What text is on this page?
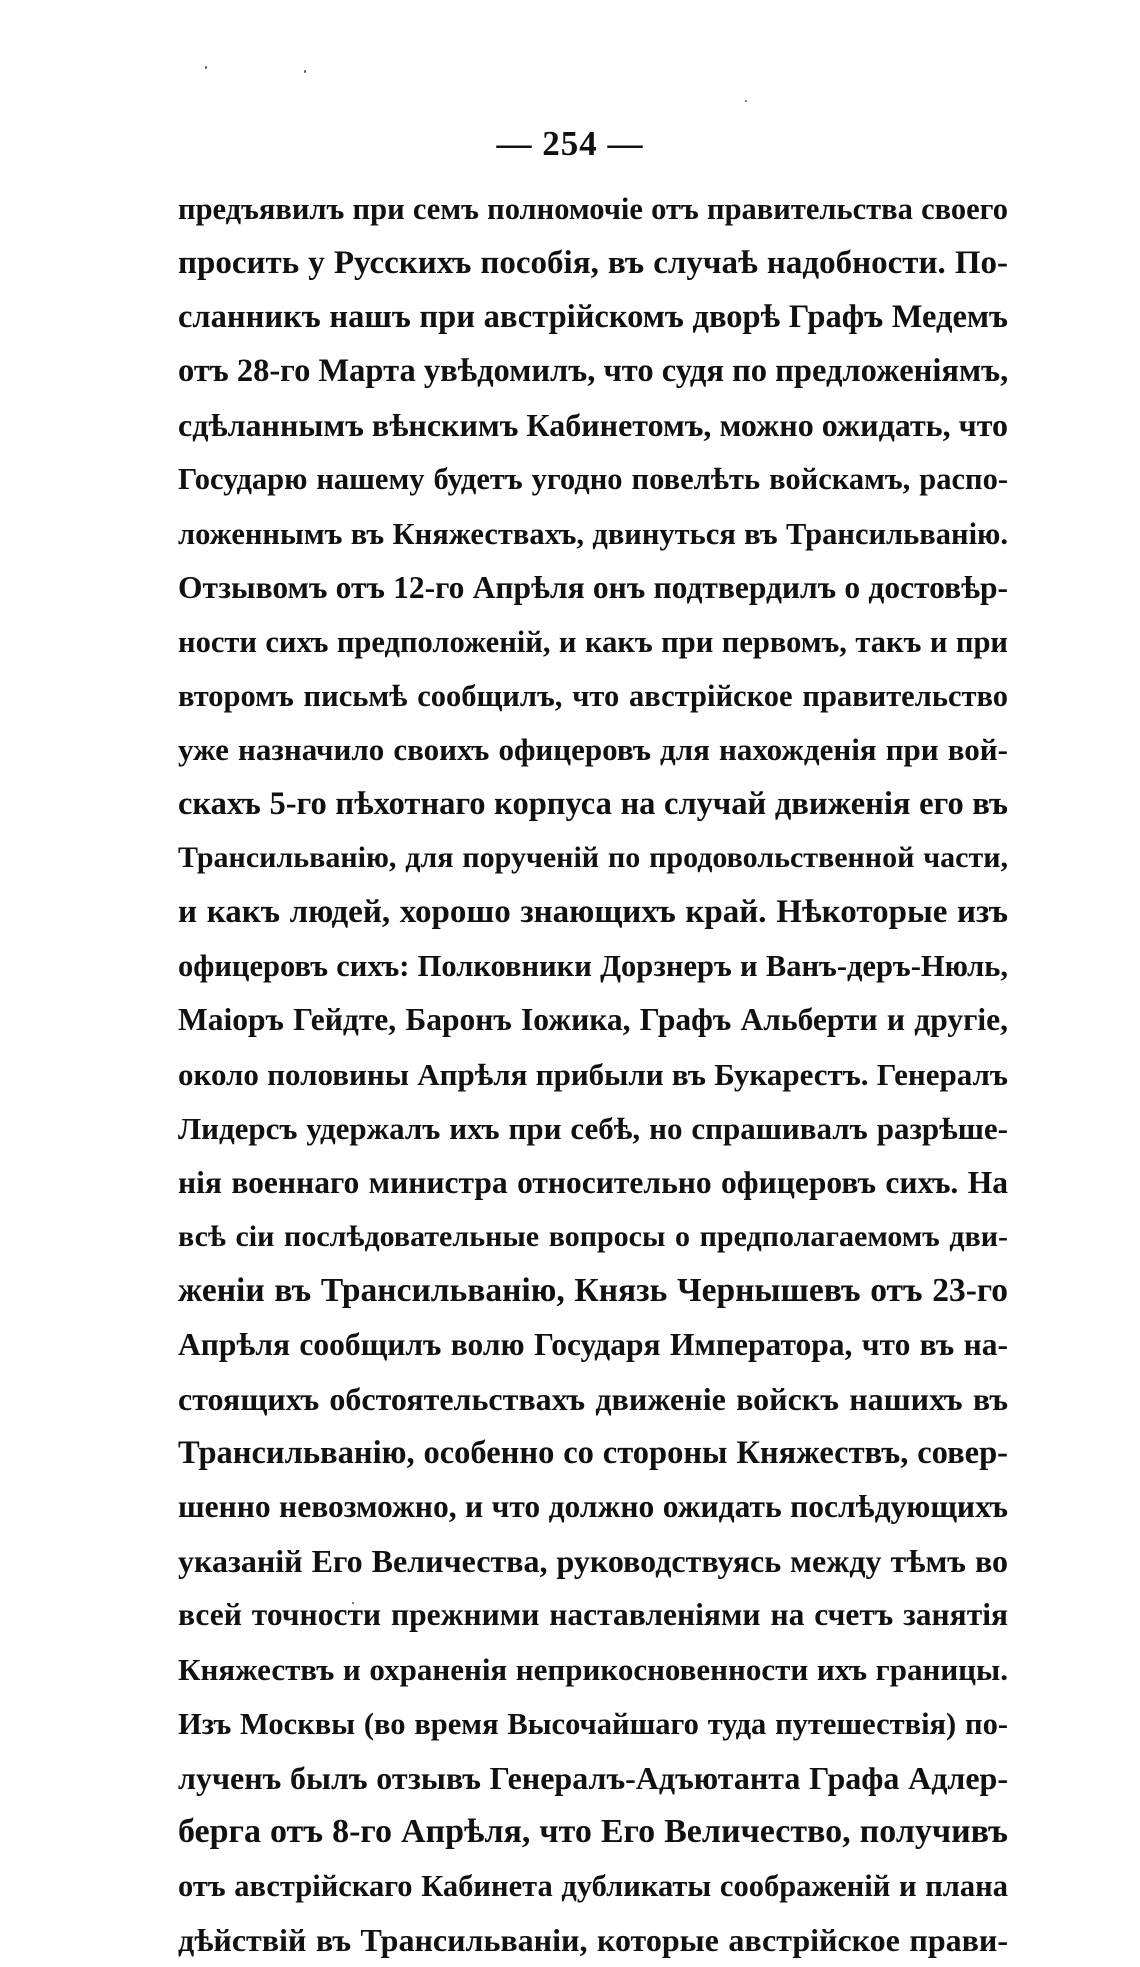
— 254 —
предъявилъ при семъ полномочіе отъ правительства своего
просить у Русскихъ пособія, въ случаѣ надобности. По-
сланникъ нашъ при австрійскомъ дворѣ Графъ Медемъ
отъ 28-го Марта увѣдомилъ, что судя по предложеніямъ,
сдѣланнымъ вѣнскимъ Кабинетомъ, можно ожидать, что
Государю нашему будетъ угодно повелѣть войскамъ, распо-
ложеннымъ въ Княжествахъ, двинуться въ Трансильванію.
Отзывомъ отъ 12-го Апрѣля онъ подтвердилъ о достовѣр-
ности сихъ предположеній, и какъ при первомъ, такъ и при
второмъ письмѣ сообщилъ, что австрійское правительство
уже назначило своихъ офицеровъ для нахожденія при вой-
скахъ 5-го пѣхотнаго корпуса на случай движенія его въ
Трансильванію, для порученій по продовольственной части,
и какъ людей, хорошо знающихъ край. Нѣкоторые изъ
офицеровъ сихъ: Полковники Дорзнеръ и Ванъ-деръ-Нюль,
Маіоръ Гейдте, Баронъ Іожика, Графъ Альберти и другіе,
около половины Апрѣля прибыли въ Букарестъ. Генералъ
Лидерсъ удержалъ ихъ при себѣ, но спрашивалъ разрѣше-
нія военнаго министра относительно офицеровъ сихъ. На
всѣ сіи послѣдовательные вопросы о предполагаемомъ дви-
женіи въ Трансильванію, Князь Чернышевъ отъ 23-го
Апрѣля сообщилъ волю Государя Императора, что въ на-
стоящихъ обстоятельствахъ движеніе войскъ нашихъ въ
Трансильванію, особенно со стороны Княжествъ, совер-
шенно невозможно, и что должно ожидать послѣдующихъ
указаній Его Величества, руководствуясь между тѣмъ во
всей точности прежними наставленіями на счетъ занятія
Княжествъ и охраненія неприкосновенности ихъ границы.
Изъ Москвы (во время Высочайшаго туда путешествія) по-
лученъ былъ отзывъ Генералъ-Адъютанта Графа Адлер-
берга отъ 8-го Апрѣля, что Его Величество, получивъ
отъ австрійскаго Кабинета дубликаты соображеній и плана
дѣйствій въ Трансильваніи, которые австрійское прави-
